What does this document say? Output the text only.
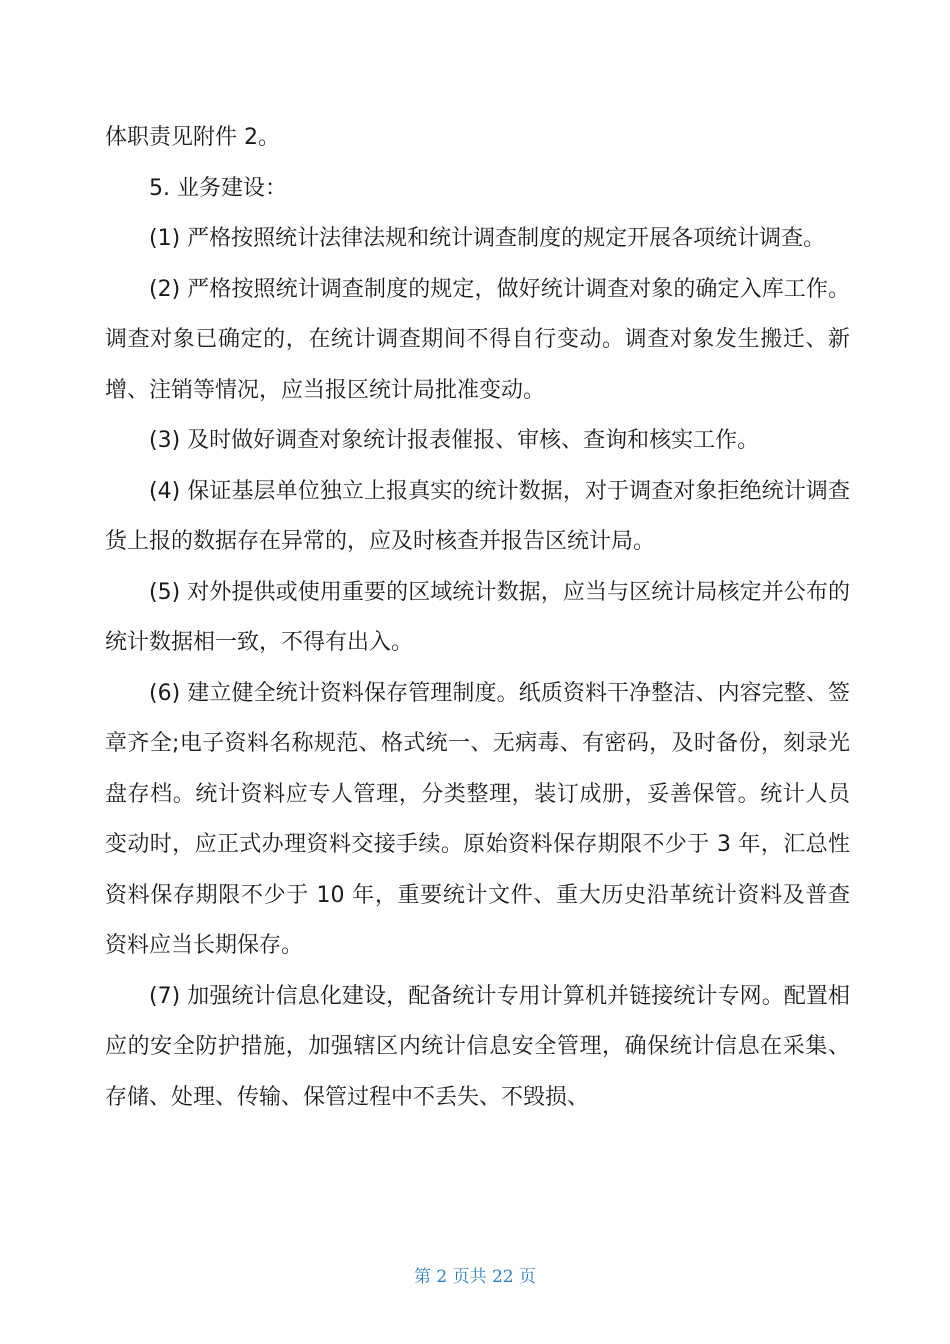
体职责见附件 2。

5. 业务建设：

(1) 严格按照统计法律法规和统计调查制度的规定开展各项统计调查。

(2) 严格按照统计调查制度的规定，做好统计调查对象的确定入库工作。调查对象已确定的，在统计调查期间不得自行变动。调查对象发生搬迁、新增、注销等情况，应当报区统计局批准变动。

(3) 及时做好调查对象统计报表催报、审核、查询和核实工作。

(4) 保证基层单位独立上报真实的统计数据，对于调查对象拒绝统计调查货上报的数据存在异常的，应及时核查并报告区统计局。

(5) 对外提供或使用重要的区域统计数据，应当与区统计局核定并公布的统计数据相一致，不得有出入。

(6) 建立健全统计资料保存管理制度。纸质资料干净整洁、内容完整、签章齐全;电子资料名称规范、格式统一、无病毒、有密码，及时备份，刻录光盘存档。统计资料应专人管理，分类整理，装订成册，妥善保管。统计人员变动时，应正式办理资料交接手续。原始资料保存期限不少于 3 年，汇总性资料保存期限不少于 10 年，重要统计文件、重大历史沿革统计资料及普查资料应当长期保存。

(7) 加强统计信息化建设，配备统计专用计算机并链接统计专网。配置相应的安全防护措施，加强辖区内统计信息安全管理，确保统计信息在采集、存储、处理、传输、保管过程中不丢失、不毁损、

第 2 页共 22 页
